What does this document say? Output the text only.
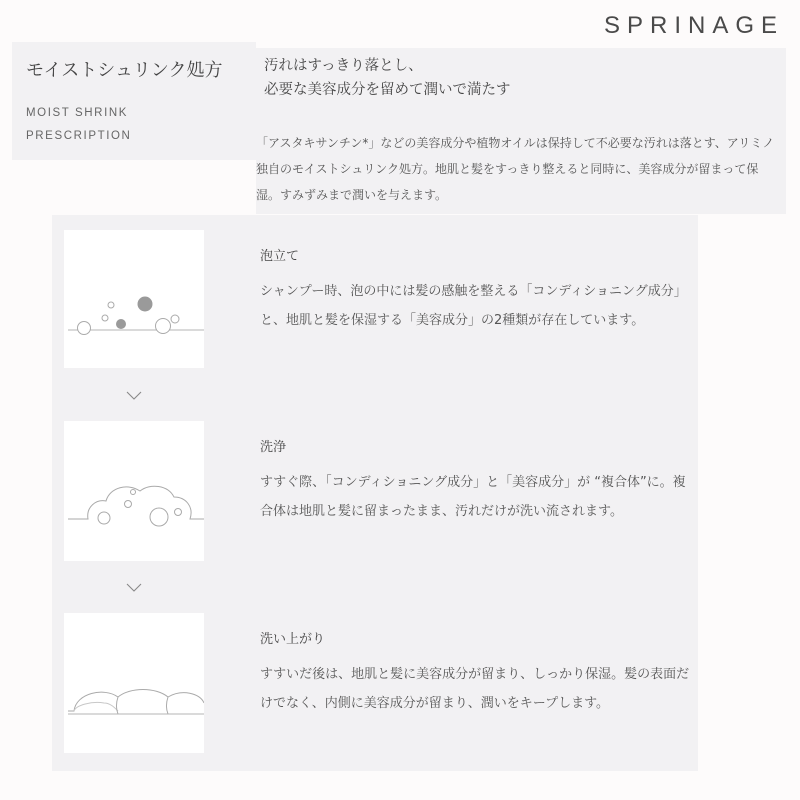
SPRINAGE
モイストシュリンク処方
MOIST SHRINK
PRESCRIPTION
汚れはすっきり落とし、
必要な美容成分を留めて潤いで満たす
「アスタキサンチン*」などの美容成分や植物オイルは保持して不必要な汚れは落とす、アリミノ独自のモイストシュリンク処方。地肌と髪をすっきり整えると同時に、美容成分が留まって保湿。すみずみまで潤いを与えます。
泡立て
シャンプー時、泡の中には髪の感触を整える「コンディショニング成分」と、地肌と髪を保湿する「美容成分」の2種類が存在しています。
洗浄
すすぐ際、「コンディショニング成分」と「美容成分」が “複合体”に。複合体は地肌と髪に留まったまま、汚れだけが洗い流されます。
洗い上がり
すすいだ後は、地肌と髪に美容成分が留まり、しっかり保湿。髪の表面だけでなく、内側に美容成分が留まり、潤いをキープします。
